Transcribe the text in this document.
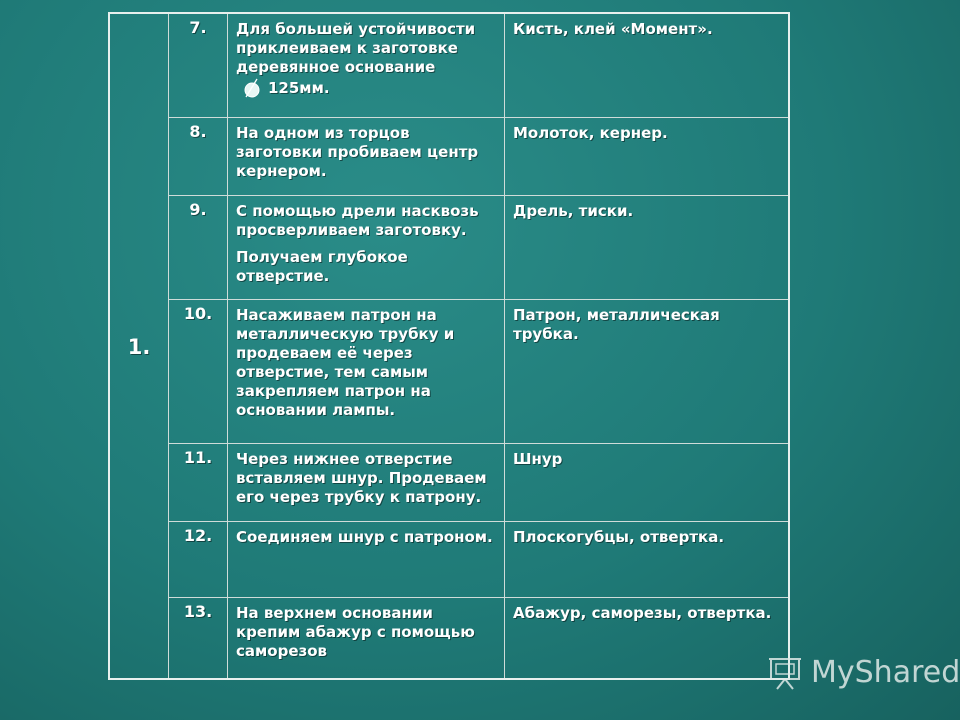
1.	7.	Для большей устойчивости приклеиваем к заготовке деревянное основание
125мм.	Кисть, клей «Момент».
	8.	На одном из торцов заготовки пробиваем центр кернером.	Молоток, кернер.
	9.	С помощью дрели насквозь просверливаем заготовку.
Получаем глубокое отверстие.	Дрель, тиски.
	10.	Насаживаем патрон на металлическую трубку и продеваем её через отверстие, тем самым закрепляем патрон на основании лампы.	Патрон, металлическая трубка.
	11.	Через нижнее отверстие вставляем шнур. Продеваем его через трубку к патрону.	Шнур
	12.	Соединяем шнур с патроном.	Плоскогубцы, отвертка.
	13.	На верхнем основании крепим абажур с помощью саморезов	Абажур, саморезы, отвертка.
MyShared
